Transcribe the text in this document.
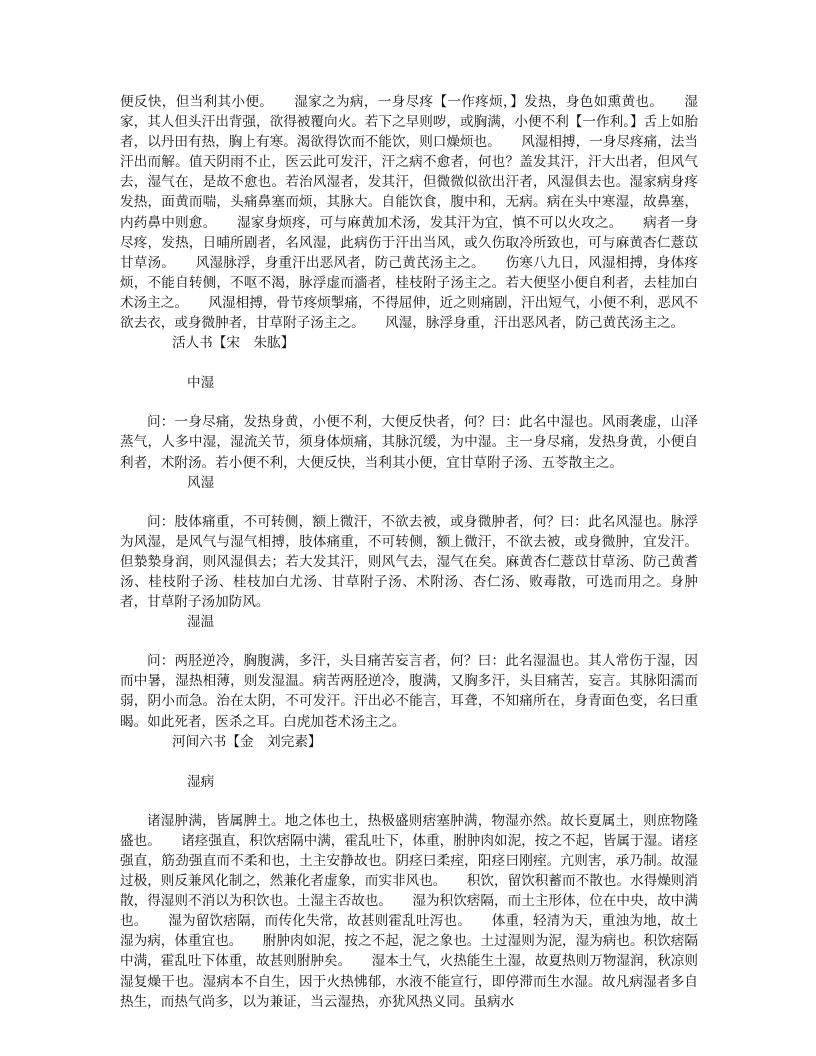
便反快，但当利其小便。　　湿家之为病，一身尽疼【一作疼烦，】发热，身色如熏黄也。　　湿家，其人但头汗出背强，欲得被覆向火。若下之早则哕，或胸满，小便不利【一作利。】舌上如胎者，以丹田有热，胸上有寒。渴欲得饮而不能饮，则口燥烦也。　　风湿相搏，一身尽疼痛，法当汗出而解。值天阴雨不止，医云此可发汗，汗之病不愈者，何也？盖发其汗，汗大出者，但风气去，湿气在，是故不愈也。若治风湿者，发其汗，但微微似欲出汗者，风湿俱去也。湿家病身疼发热，面黄而喘，头痛鼻塞而烦，其脉大。自能饮食，腹中和，无病。病在头中寒湿，故鼻塞，内药鼻中则愈。　　湿家身烦疼，可与麻黄加术汤，发其汗为宜，慎不可以火攻之。　　病者一身尽疼，发热，日晡所剧者，名风湿，此病伤于汗出当风，或久伤取冷所致也，可与麻黄杏仁薏苡甘草汤。　　风湿脉浮，身重汗出恶风者，防己黄芪汤主之。　　伤寒八九日，风湿相搏，身体疼烦，不能自转侧，不呕不渴，脉浮虚而濇者，桂枝附子汤主之。若大便坚小便自利者，去桂加白术汤主之。　　风湿相搏，骨节疼烦掣痛，不得屈伸，近之则痛剧，汗出短气，小便不利，恶风不欲去衣，或身微肿者，甘草附子汤主之。　　风湿，脉浮身重，汗出恶风者，防己黄芪汤主之。

活人书【宋　朱肱】
中湿

问：一身尽痛，发热身黄，小便不利，大便反快者，何？曰：此名中湿也。风雨袭虚，山泽蒸气，人多中湿，湿流关节，须身体烦痛，其脉沉缓，为中湿。主一身尽痛，发热身黄，小便自利者，术附汤。若小便不利，大便反快，当利其小便，宜甘草附子汤、五苓散主之。

风湿

问：肢体痛重，不可转侧，额上微汗，不欲去被，或身微肿者，何？曰：此名风湿也。脉浮为风湿，是风气与湿气相搏，肢体痛重，不可转侧，额上微汗，不欲去被，或身微肿，宜发汗。但漐漐身润，则风湿俱去；若大发其汗，则风气去，湿气在矣。麻黄杏仁薏苡甘草汤、防己黄耆汤、桂枝附子汤、桂枝加白尤汤、甘草附子汤、术附汤、杏仁汤、败毒散，可选而用之。身肿者，甘草附子汤加防风。

湿温

问：两胫逆冷，胸腹满，多汗，头目痛苦妄言者，何？曰：此名湿温也。其人常伤于湿，因而中暑，湿热相薄，则发湿温。病苦两胫逆冷，腹满，又胸多汗，头目痛苦，妄言。其脉阳濡而弱，阴小而急。治在太阴，不可发汗。汗出必不能言，耳聋，不知痛所在，身青面色变，名曰重暍。如此死者，医杀之耳。白虎加苍术汤主之。

河间六书【金　刘完素】
湿病

诸湿肿满，皆属脾土。地之体也土，热极盛则痞塞肿满，物湿亦然。故长夏属土，则庶物隆盛也。　　诸痉强直，积饮痞隔中满，霍乱吐下，体重，胕肿肉如泥，按之不起，皆属于湿。诸痉强直，筋劲强直而不柔和也，土主安静故也。阴痉曰柔痓，阳痉曰刚痓。亢则害，承乃制。故湿过极，则反兼风化制之，然兼化者虚象，而实非风也。　　积饮，留饮积蓄而不散也。水得燥则消散，得湿则不消以为积饮也。土湿主否故也。　　湿为积饮痞隔，而土主形体，位在中央，故中满也。　　湿为留饮痞隔，而传化失常，故甚则霍乱吐泻也。　　体重，轻清为天，重浊为地，故土湿为病，体重宜也。　　胕肿肉如泥，按之不起，泥之象也。土过湿则为泥，湿为病也。积饮痞隔中满，霍乱吐下体重，故甚则胕肿矣。　　湿本土气，火热能生土湿，故夏热则万物湿润，秋凉则湿复燥干也。湿病本不自生，因于火热怫郁，水液不能宣行，即停滞而生水湿。故凡病湿者多自热生，而热气尚多，以为兼证，当云湿热，亦犹风热义同。虽病水
